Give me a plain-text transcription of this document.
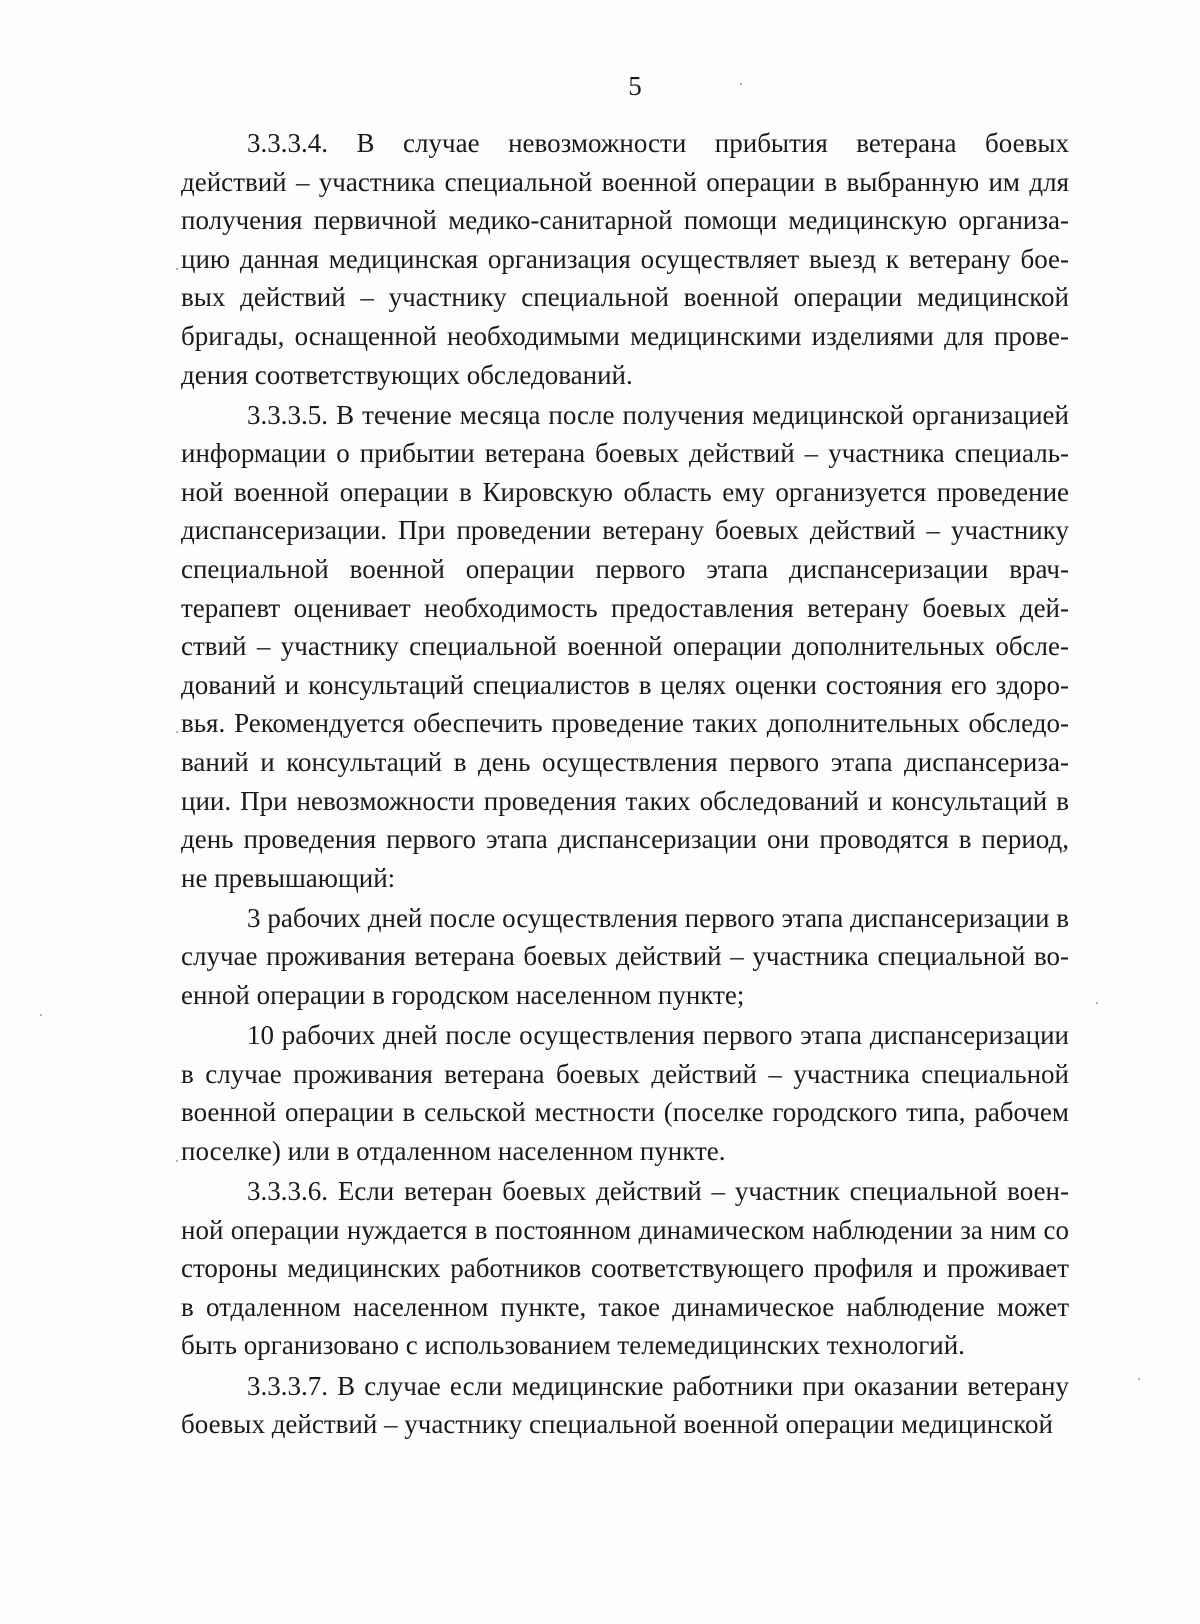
5
3.3.3.4. В случае невозможности прибытия ветерана боевых
действий – участника специальной военной операции в выбранную им для
получения первичной медико-санитарной помощи медицинскую организа-
цию данная медицинская организация осуществляет выезд к ветерану бое-
вых действий – участнику специальной военной операции медицинской
бригады, оснащенной необходимыми медицинскими изделиями для прове-
дения соответствующих обследований.
3.3.3.5. В течение месяца после получения медицинской организацией
информации о прибытии ветерана боевых действий – участника специаль-
ной военной операции в Кировскую область ему организуется проведение
диспансеризации. При проведении ветерану боевых действий – участнику
специальной военной операции первого этапа диспансеризации врач-
терапевт оценивает необходимость предоставления ветерану боевых дей-
ствий – участнику специальной военной операции дополнительных обсле-
дований и консультаций специалистов в целях оценки состояния его здоро-
вья. Рекомендуется обеспечить проведение таких дополнительных обследо-
ваний и консультаций в день осуществления первого этапа диспансериза-
ции. При невозможности проведения таких обследований и консультаций в
день проведения первого этапа диспансеризации они проводятся в период,
не превышающий:
3 рабочих дней после осуществления первого этапа диспансеризации в
случае проживания ветерана боевых действий – участника специальной во-
енной операции в городском населенном пункте;
10 рабочих дней после осуществления первого этапа диспансеризации
в случае проживания ветерана боевых действий – участника специальной
военной операции в сельской местности (поселке городского типа, рабочем
поселке) или в отдаленном населенном пункте.
3.3.3.6. Если ветеран боевых действий – участник специальной воен-
ной операции нуждается в постоянном динамическом наблюдении за ним со
стороны медицинских работников соответствующего профиля и проживает
в отдаленном населенном пункте, такое динамическое наблюдение может
быть организовано с использованием телемедицинских технологий.
3.3.3.7. В случае если медицинские работники при оказании ветерану
боевых действий – участнику специальной военной операции медицинской
